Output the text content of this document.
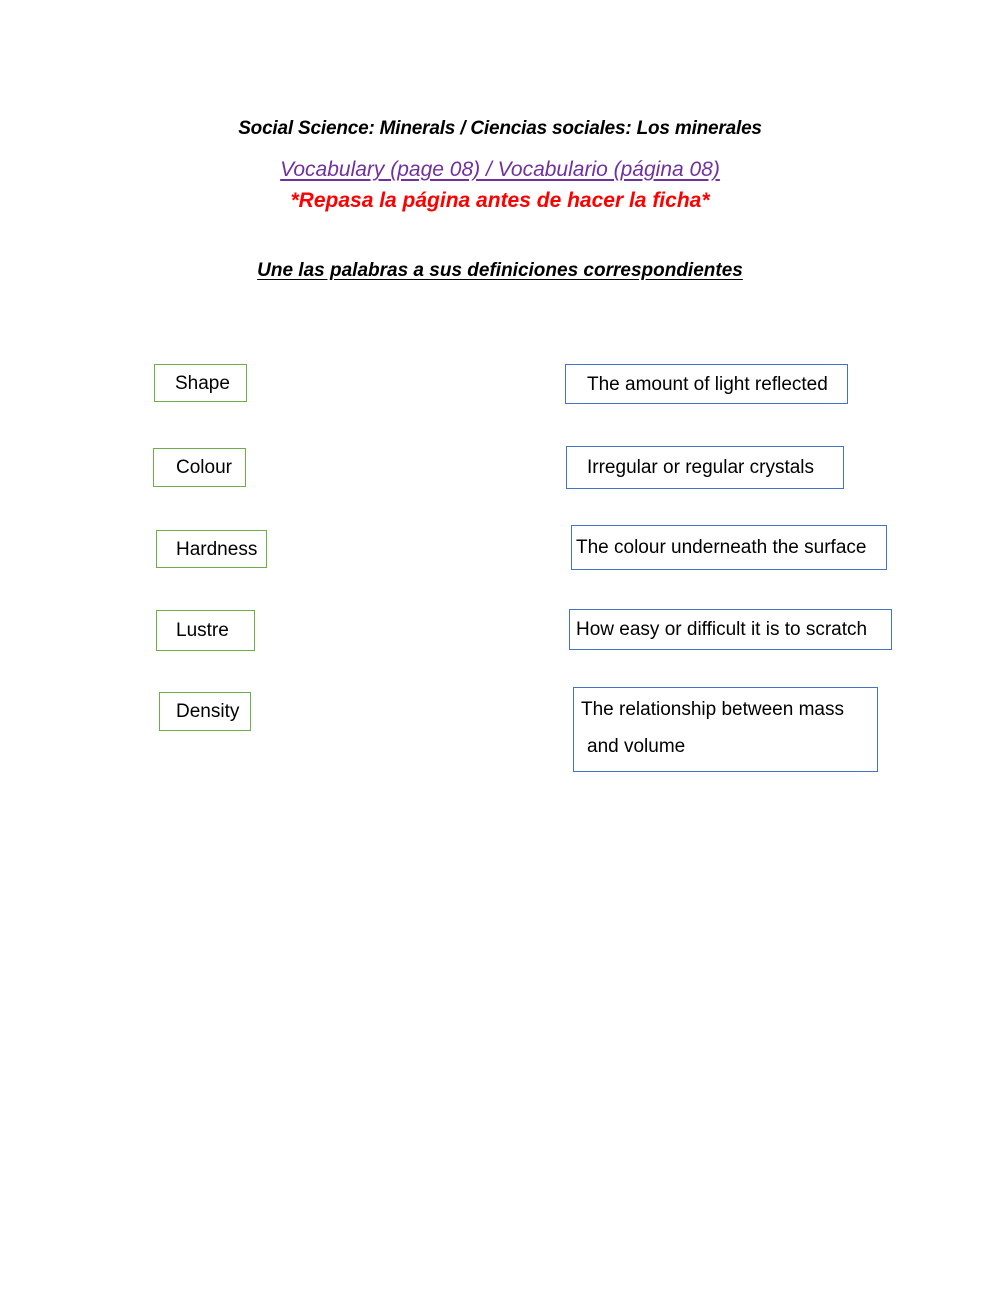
Social Science: Minerals / Ciencias sociales: Los minerales
Vocabulary (page 08) / Vocabulario (página 08)
*Repasa la página antes de hacer la ficha*
Une las palabras a sus definiciones correspondientes
Shape
Colour
Hardness
Lustre
Density
The amount of light reflected
Irregular or regular crystals
The colour underneath the surface
How easy or difficult it is to scratch
The relationship between mass
and volume
